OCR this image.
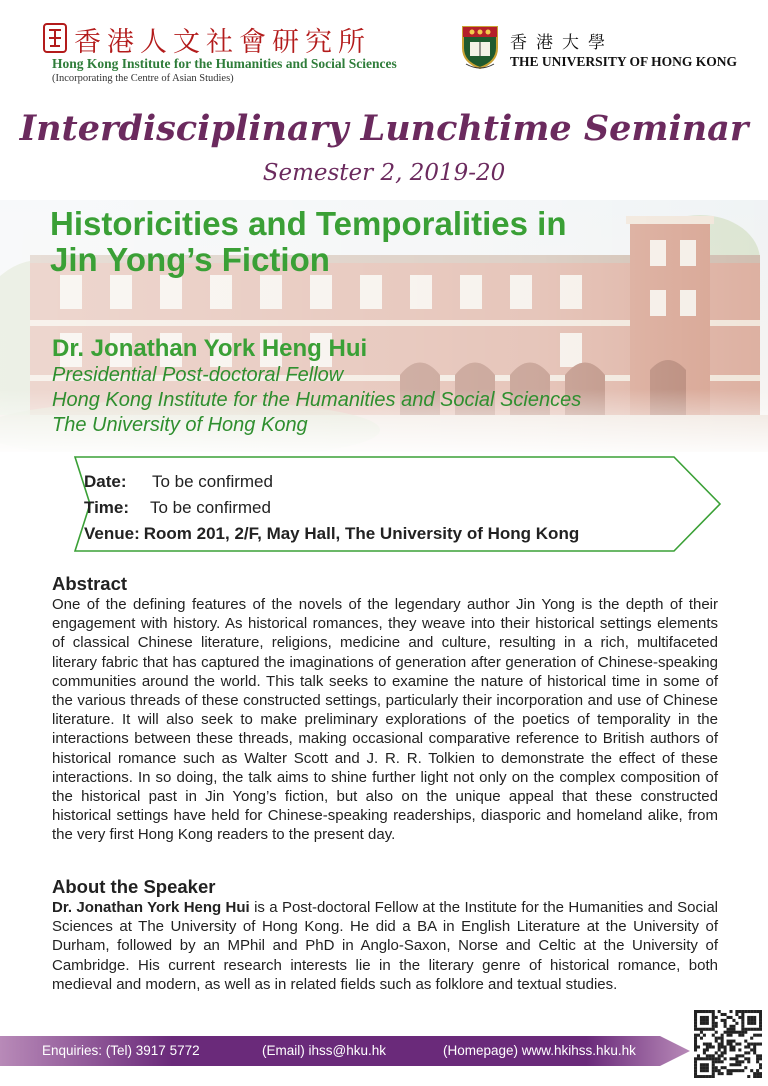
香港人文社會研究所
Hong Kong Institute for the Humanities and Social Sciences
(Incorporating the Centre of Asian Studies)
香港大學
THE UNIVERSITY OF HONG KONG
Interdisciplinary Lunchtime Seminar
Semester 2, 2019-20
Historicities and Temporalities in
Jin Yong’s Fiction
Dr. Jonathan York Heng Hui
Presidential Post-doctoral Fellow
Hong Kong Institute for the Humanities and Social Sciences
The University of Hong Kong
Date: To be confirmed
Time: To be confirmed
Venue: Room 201, 2/F, May Hall, The University of Hong Kong
Abstract

One of the defining features of the novels of the legendary author Jin Yong is the depth of their engagement with history. As historical romances, they weave into their historical settings elements of classical Chinese literature, religions, medicine and culture, resulting in a rich, multifaceted literary fabric that has captured the imaginations of generation after generation of Chinese-speaking communities around the world. This talk seeks to examine the nature of historical time in some of the various threads of these constructed settings, particularly their incorporation and use of Chinese literature. It will also seek to make preliminary explorations of the poetics of temporality in the interactions between these threads, making occasional comparative reference to British authors of historical romance such as Walter Scott and J. R. R. Tolkien to demonstrate the effect of these interactions. In so doing, the talk aims to shine further light not only on the complex composition of the historical past in Jin Yong’s fiction, but also on the unique appeal that these constructed historical settings have held for Chinese-speaking readerships, diasporic and homeland alike, from the very first Hong Kong readers to the present day.

About the Speaker

Dr. Jonathan York Heng Hui is a Post-doctoral Fellow at the Institute for the Humanities and Social Sciences at The University of Hong Kong. He did a BA in English Literature at the University of Durham, followed by an MPhil and PhD in Anglo-Saxon, Norse and Celtic at the University of Cambridge. His current research interests lie in the literary genre of historical romance, both medieval and modern, as well as in related fields such as folklore and textual studies.

Enquiries: (Tel) 3917 5772	(Email) ihss@hku.hk	(Homepage) www.hkihss.hku.hk
